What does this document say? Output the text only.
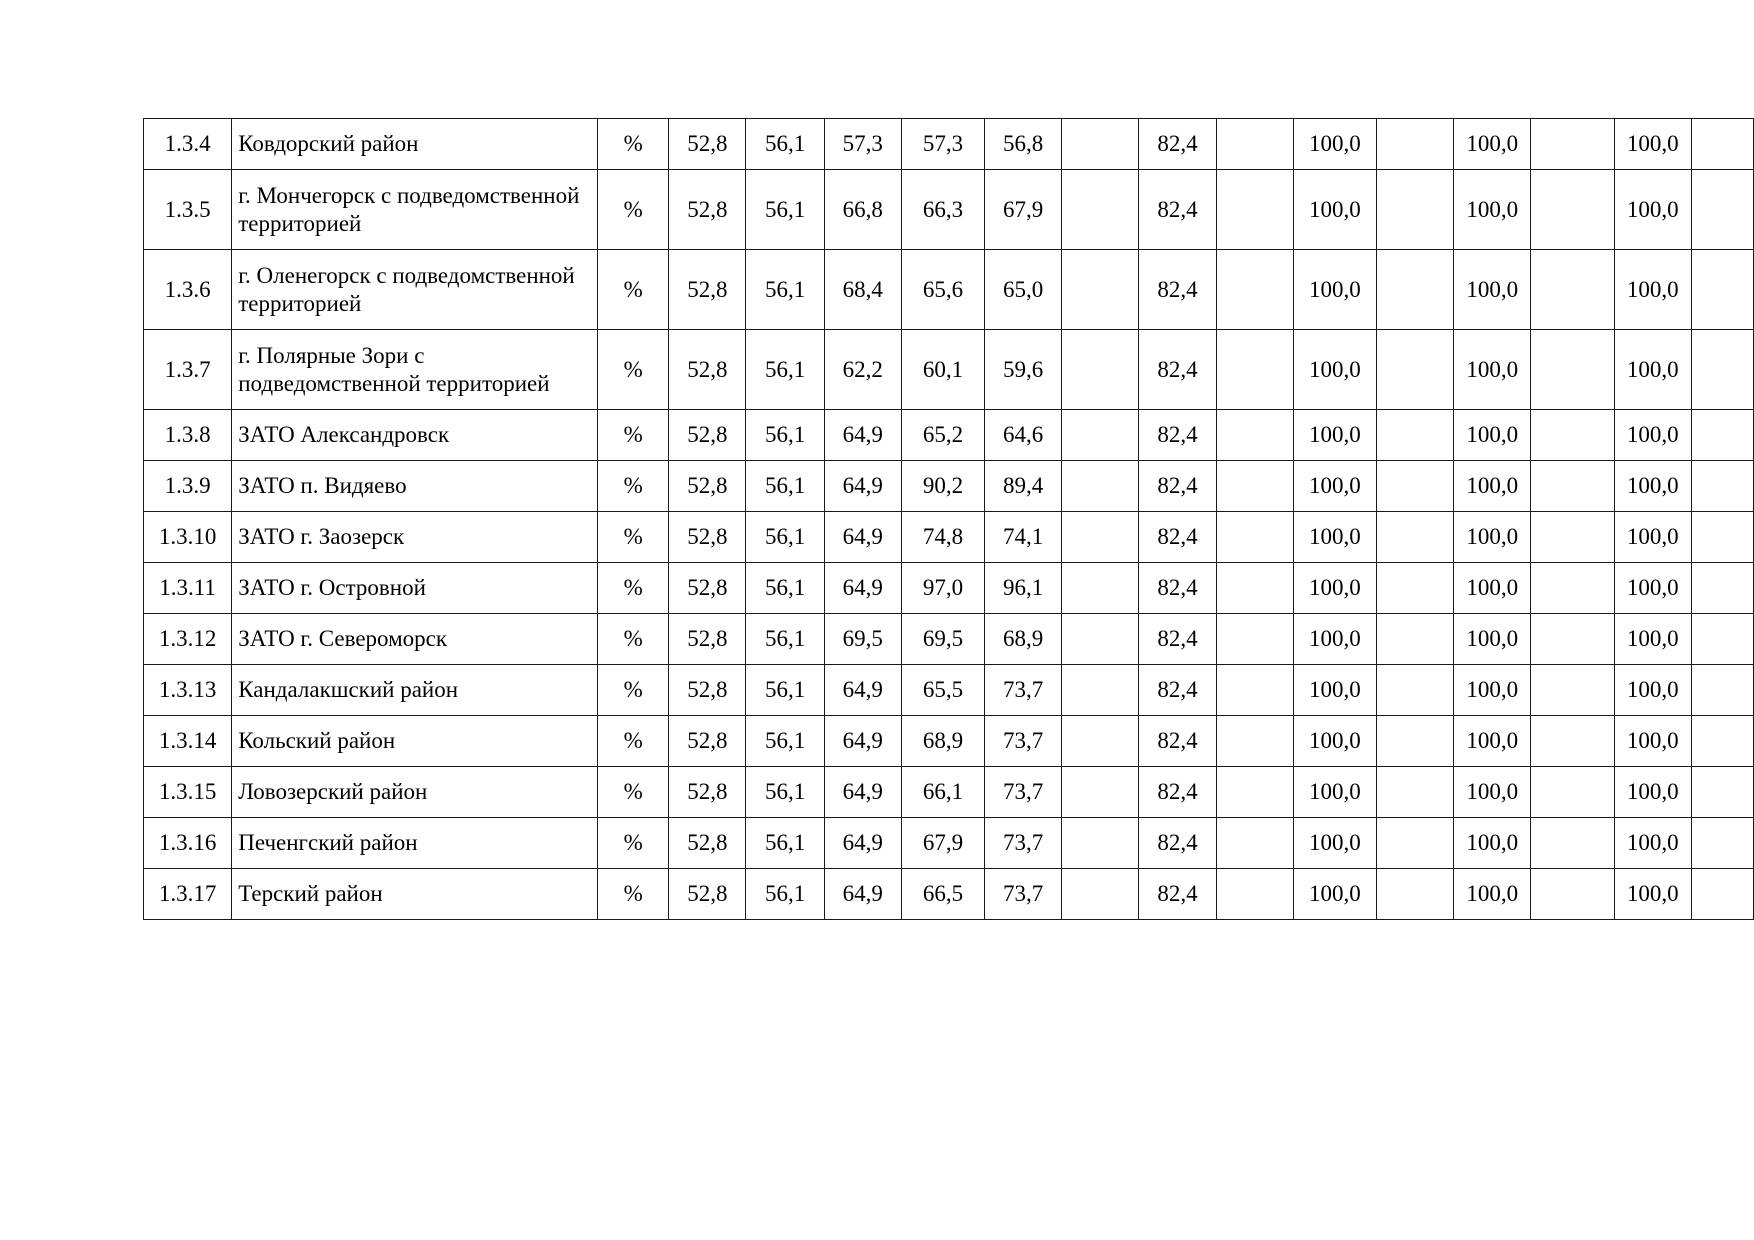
1.3.4	Ковдорский район	%	52,8	56,1	57,3	57,3	56,8		82,4		100,0		100,0		100,0	
1.3.5	г. Мончегорск с подведомственной территорией	%	52,8	56,1	66,8	66,3	67,9		82,4		100,0		100,0		100,0	
1.3.6	г. Оленегорск с подведомственной территорией	%	52,8	56,1	68,4	65,6	65,0		82,4		100,0		100,0		100,0	
1.3.7	г. Полярные Зори с подведомственной территорией	%	52,8	56,1	62,2	60,1	59,6		82,4		100,0		100,0		100,0	
1.3.8	ЗАТО Александровск	%	52,8	56,1	64,9	65,2	64,6		82,4		100,0		100,0		100,0	
1.3.9	ЗАТО п. Видяево	%	52,8	56,1	64,9	90,2	89,4		82,4		100,0		100,0		100,0	
1.3.10	ЗАТО г. Заозерск	%	52,8	56,1	64,9	74,8	74,1		82,4		100,0		100,0		100,0	
1.3.11	ЗАТО г. Островной	%	52,8	56,1	64,9	97,0	96,1		82,4		100,0		100,0		100,0	
1.3.12	ЗАТО г. Североморск	%	52,8	56,1	69,5	69,5	68,9		82,4		100,0		100,0		100,0	
1.3.13	Кандалакшский район	%	52,8	56,1	64,9	65,5	73,7		82,4		100,0		100,0		100,0	
1.3.14	Кольский район	%	52,8	56,1	64,9	68,9	73,7		82,4		100,0		100,0		100,0	
1.3.15	Ловозерский район	%	52,8	56,1	64,9	66,1	73,7		82,4		100,0		100,0		100,0	
1.3.16	Печенгский район	%	52,8	56,1	64,9	67,9	73,7		82,4		100,0		100,0		100,0	
1.3.17	Терский район	%	52,8	56,1	64,9	66,5	73,7		82,4		100,0		100,0		100,0	
